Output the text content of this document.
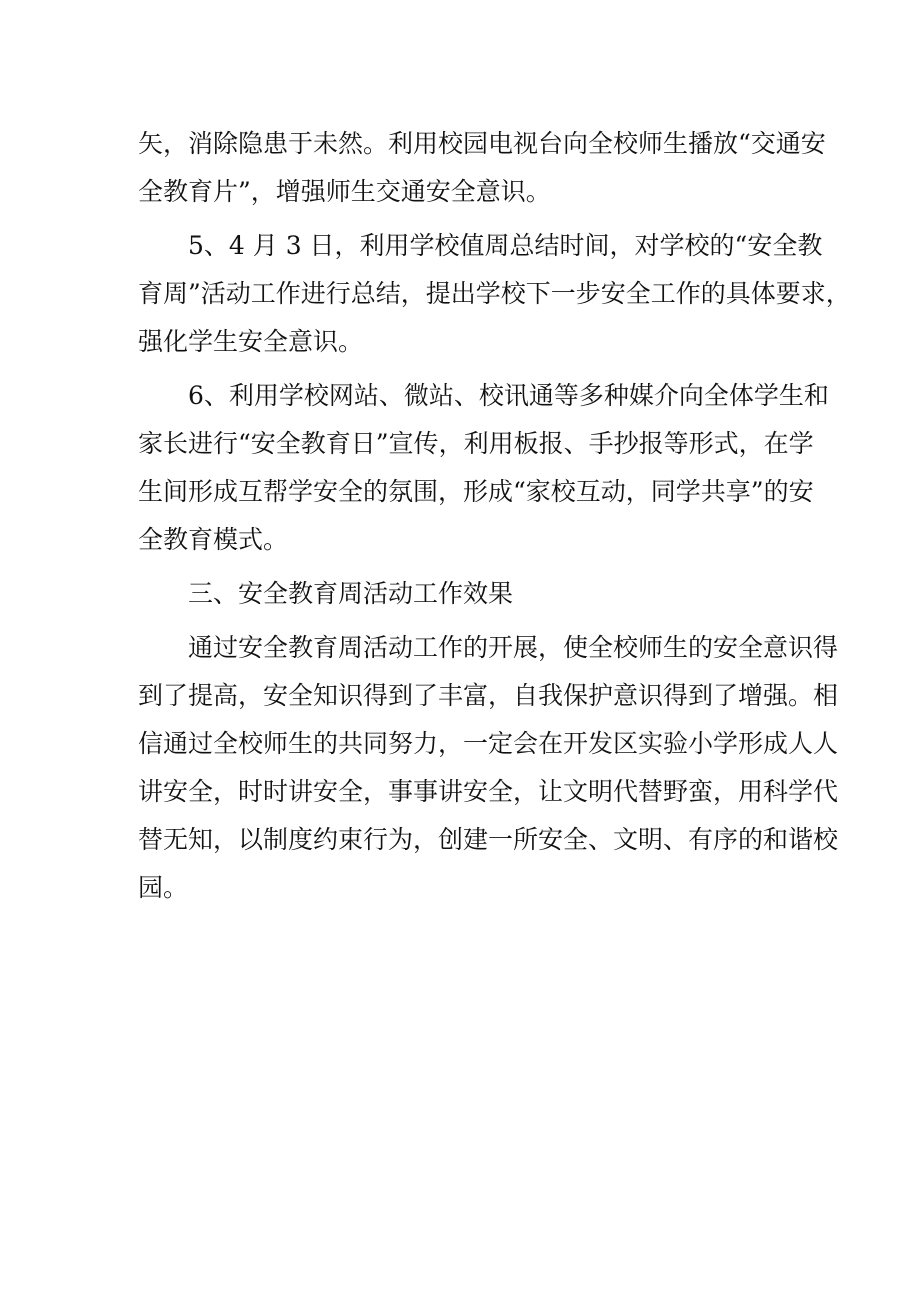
矢，消除隐患于未然。利用校园电视台向全校师生播放“交通安
全教育片”，增强师生交通安全意识。

5、4 月 3 日，利用学校值周总结时间，对学校的“安全教
育周”活动工作进行总结，提出学校下一步安全工作的具体要求，
强化学生安全意识。

6、利用学校网站、微站、校讯通等多种媒介向全体学生和
家长进行“安全教育日”宣传，利用板报、手抄报等形式，在学
生间形成互帮学安全的氛围，形成“家校互动，同学共享”的安
全教育模式。

三、安全教育周活动工作效果

通过安全教育周活动工作的开展，使全校师生的安全意识得
到了提高，安全知识得到了丰富，自我保护意识得到了增强。相
信通过全校师生的共同努力，一定会在开发区实验小学形成人人
讲安全，时时讲安全，事事讲安全，让文明代替野蛮，用科学代
替无知，以制度约束行为，创建一所安全、文明、有序的和谐校
园。
